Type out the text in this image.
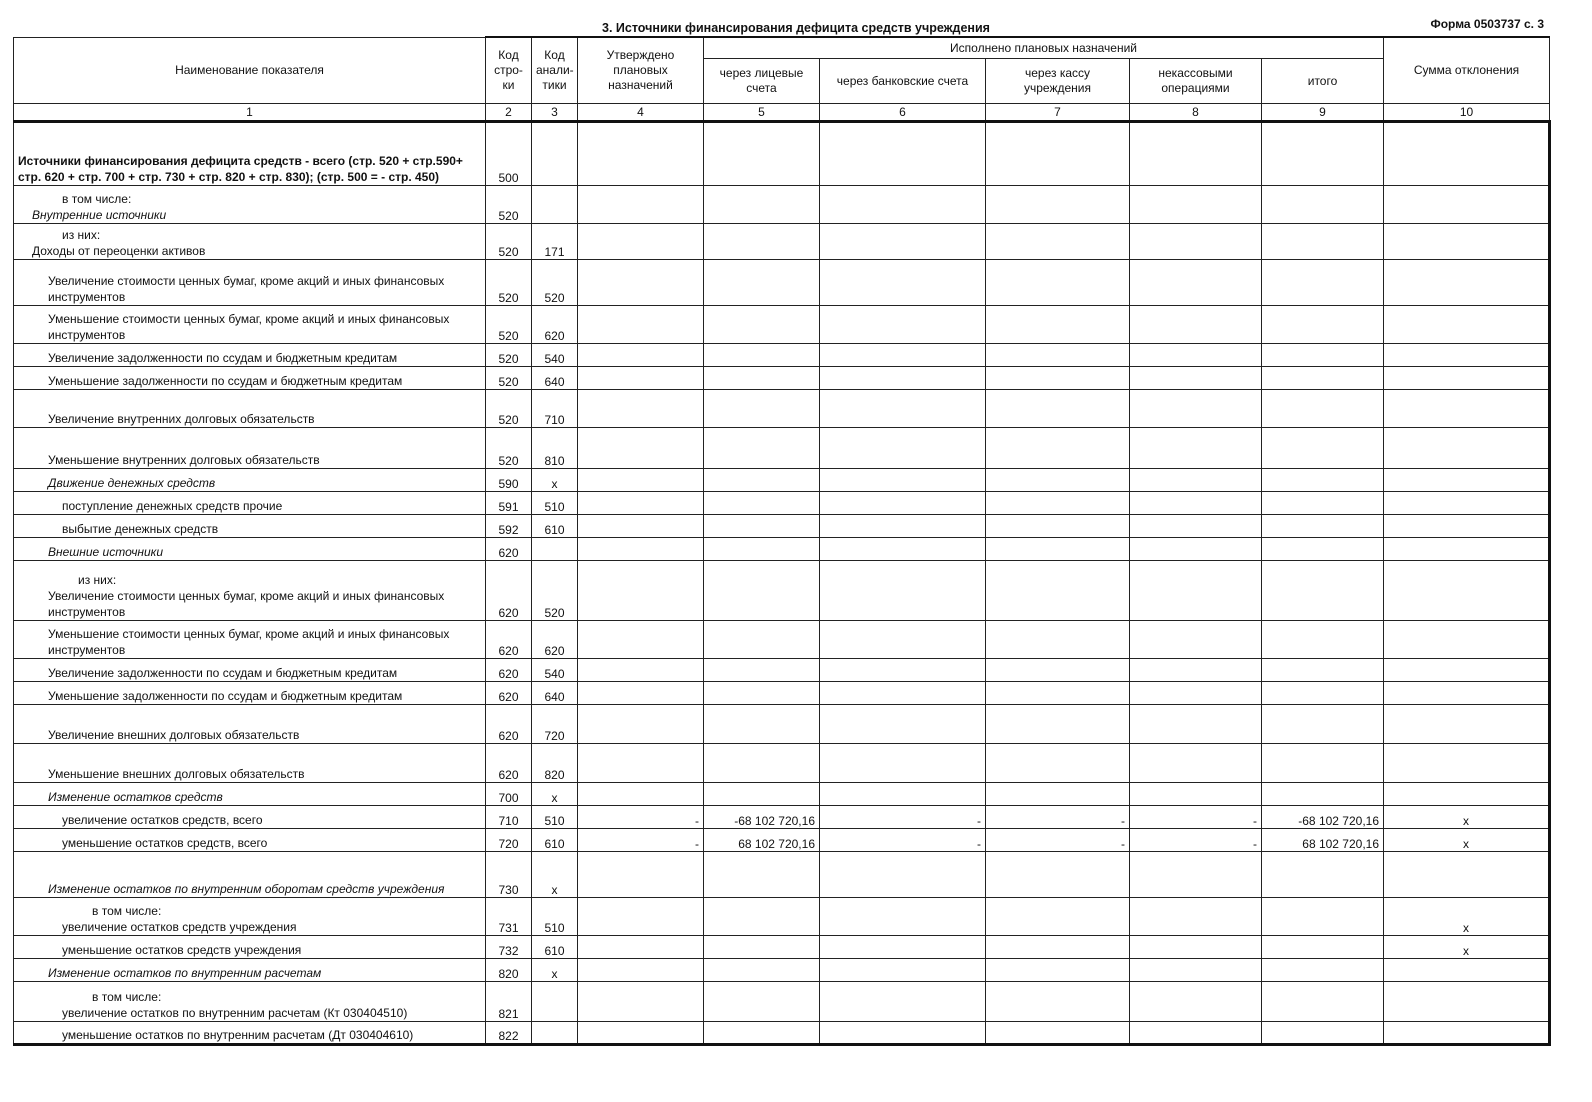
3. Источники финансирования дефицита средств учреждения	Форма 0503737 с. 3
Наименование показателя	Код стро-ки	Код анали-тики	Утверждено плановых назначений	Исполнено плановых назначений					Сумма отклонения
				через лицевые счета	через банковские счета	через кассу учреждения	некассовыми операциями	итого	
1	2	3	4	5	6	7	8	9	10
Источники финансирования дефицита средств - всего (стр. 520 + стр.590+ стр. 620 + стр. 700 + стр. 730 + стр. 820 + стр. 830); (стр. 500 = - стр. 450)	500								

в том числе:
Внутренние источники	520								

из них:
Доходы от переоценки активов	520	171							
Увеличение стоимости ценных бумаг, кроме акций и иных финансовых инструментов	520	520							
Уменьшение стоимости ценных бумаг, кроме акций и иных финансовых инструментов	520	620							
Увеличение задолженности по ссудам и бюджетным кредитам	520	540							
Уменьшение задолженности по ссудам и бюджетным кредитам	520	640							
Увеличение внутренних долговых обязательств	520	710							
Уменьшение внутренних долговых обязательств	520	810							
Движение денежных средств	590	x							
поступление денежных средств прочие	591	510							
выбытие денежных средств	592	610							
Внешние источники	620								

из них:
Увеличение стоимости ценных бумаг, кроме акций и иных финансовых инструментов	620	520							
Уменьшение стоимости ценных бумаг, кроме акций и иных финансовых инструментов	620	620							
Увеличение задолженности по ссудам и бюджетным кредитам	620	540							
Уменьшение задолженности по ссудам и бюджетным кредитам	620	640							
Увеличение внешних долговых обязательств	620	720							
Уменьшение внешних долговых обязательств	620	820							
Изменение остатков средств	700	x							
увеличение остатков средств, всего	710	510	-	-68 102 720,16	-	-	-	-68 102 720,16	x
уменьшение остатков средств, всего	720	610	-	68 102 720,16	-	-	-	68 102 720,16	x
Изменение остатков по внутренним оборотам средств учреждения	730	x							

в том числе:
увеличение остатков средств учреждения	731	510							x
уменьшение остатков средств учреждения	732	610							x
Изменение остатков по внутренним расчетам	820	x							

в том числе:
увеличение остатков по внутренним расчетам (Кт 030404510)	821								
уменьшение остатков по внутренним расчетам (Дт 030404610)	822								
